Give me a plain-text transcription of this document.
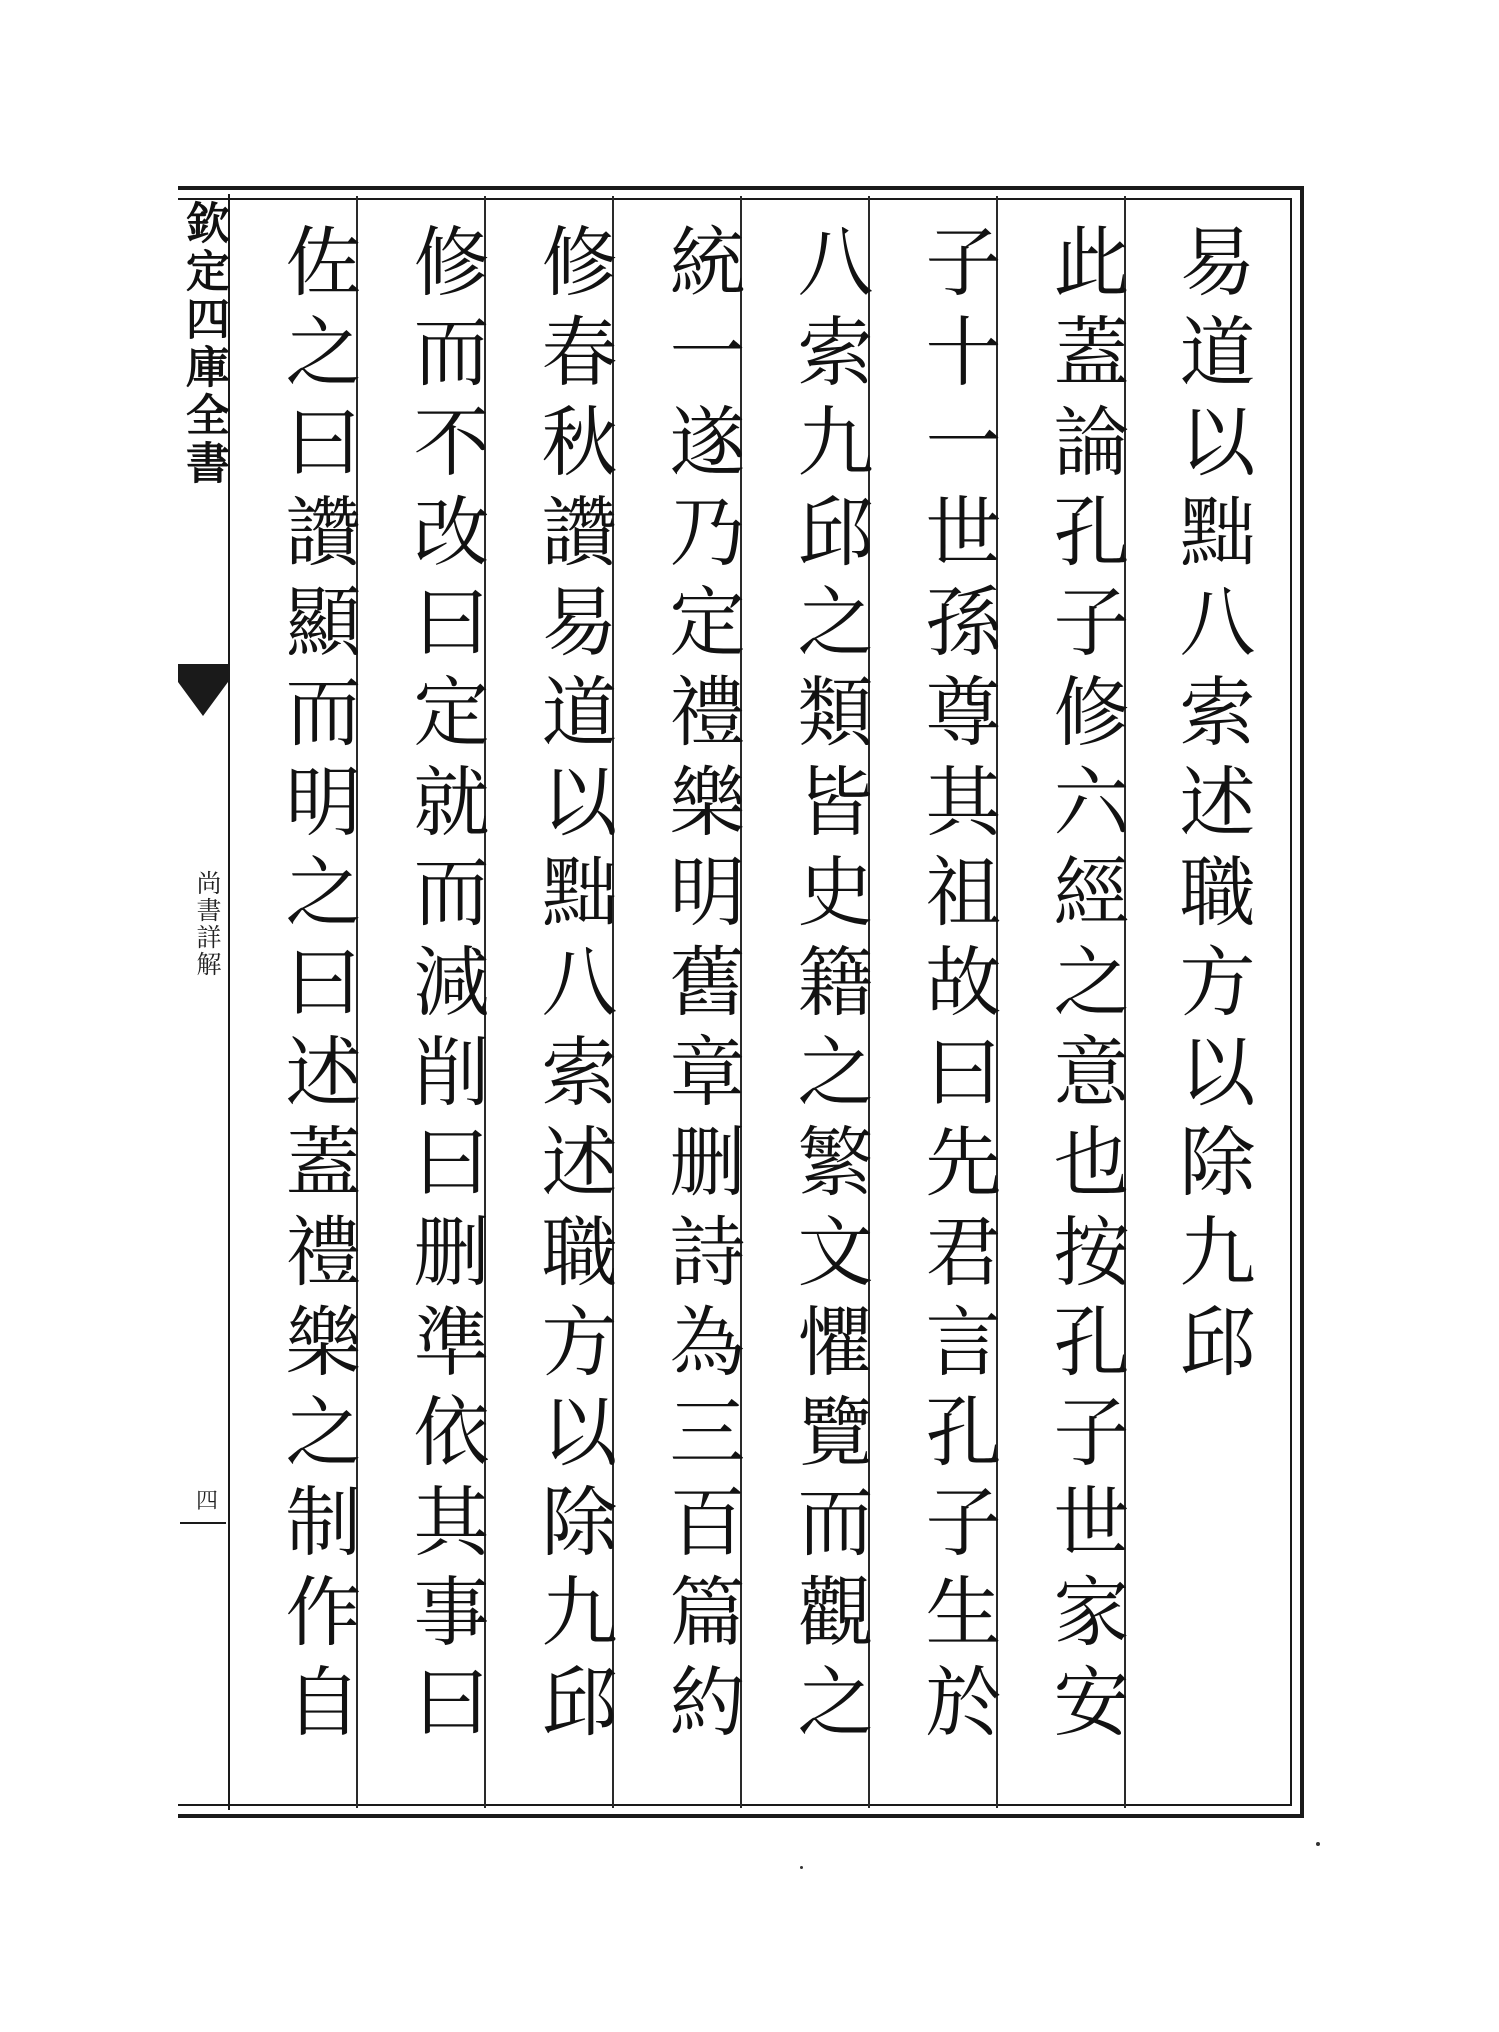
欽定四庫全書
尚書詳解
四
易道以黜八索述職方以除九邱
此蓋論孔子修六經之意也按孔子世家安
子十一世孫尊其祖故曰先君言孔子生於
八索九邱之類皆史籍之繁文懼覽而觀之
統一遂乃定禮樂明舊章删詩為三百篇約
修春秋讚易道以黜八索述職方以除九邱
修而不改曰定就而減削曰删準依其事曰
佐之曰讚顯而明之曰述蓋禮樂之制作自
